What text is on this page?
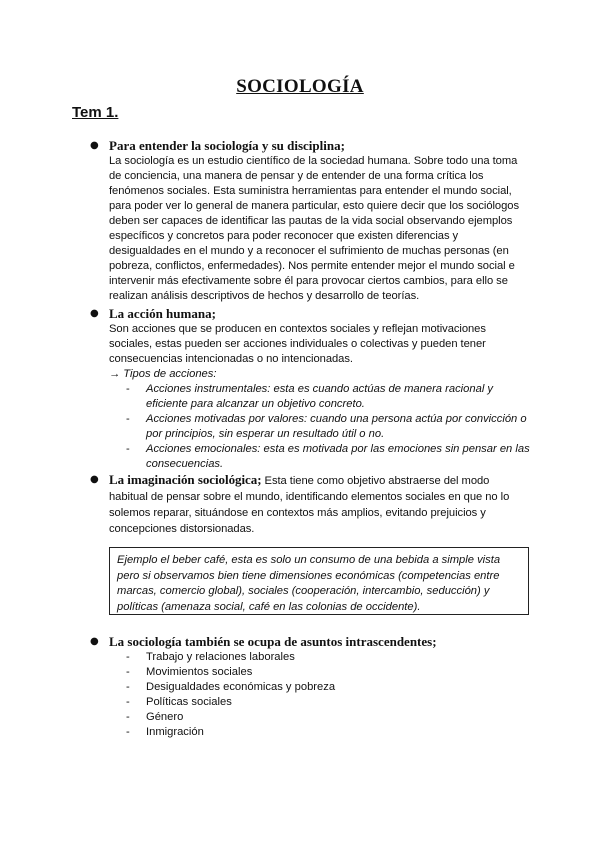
SOCIOLOGÍA
Tem 1.
● Para entender la sociología y su disciplina;
La sociología es un estudio científico de la sociedad humana. Sobre todo una toma de conciencia, una manera de pensar y de entender de una forma crítica los fenómenos sociales. Esta suministra herramientas para entender el mundo social, para poder ver lo general de manera particular, esto quiere decir que los sociólogos deben ser capaces de identificar las pautas de la vida social observando ejemplos específicos y concretos para poder reconocer que existen diferencias y desigualdades en el mundo y a reconocer el sufrimiento de muchas personas (en pobreza, conflictos, enfermedades). Nos permite entender mejor el mundo social e intervenir más efectivamente sobre él para provocar ciertos cambios, para ello se realizan análisis descriptivos de hechos y desarrollo de teorías.
● La acción humana;
Son acciones que se producen en contextos sociales y reflejan motivaciones sociales, estas pueden ser acciones individuales o colectivas y pueden tener consecuencias intencionadas o no intencionadas.
→ Tipos de acciones:
- Acciones instrumentales: esta es cuando actúas de manera racional y eficiente para alcanzar un objetivo concreto.
- Acciones motivadas por valores: cuando una persona actúa por convicción o por principios, sin esperar un resultado útil o no.
- Acciones emocionales: esta es motivada por las emociones sin pensar en las consecuencias.
● La imaginación sociológica; Esta tiene como objetivo abstraerse del modo habitual de pensar sobre el mundo, identificando elementos sociales en que no lo solemos reparar, situándose en contextos más amplios, evitando prejuicios y concepciones distorsionadas.
Ejemplo el beber café, esta es solo un consumo de una bebida a simple vista pero si observamos bien tiene dimensiones económicas (competencias entre marcas, comercio global), sociales (cooperación, intercambio, seducción) y políticas (amenaza social, café en las colonias de occidente).
● La sociología también se ocupa de asuntos intrascendentes;
- Trabajo y relaciones laborales
- Movimientos sociales
- Desigualdades económicas y pobreza
- Políticas sociales
- Género
- Inmigración
